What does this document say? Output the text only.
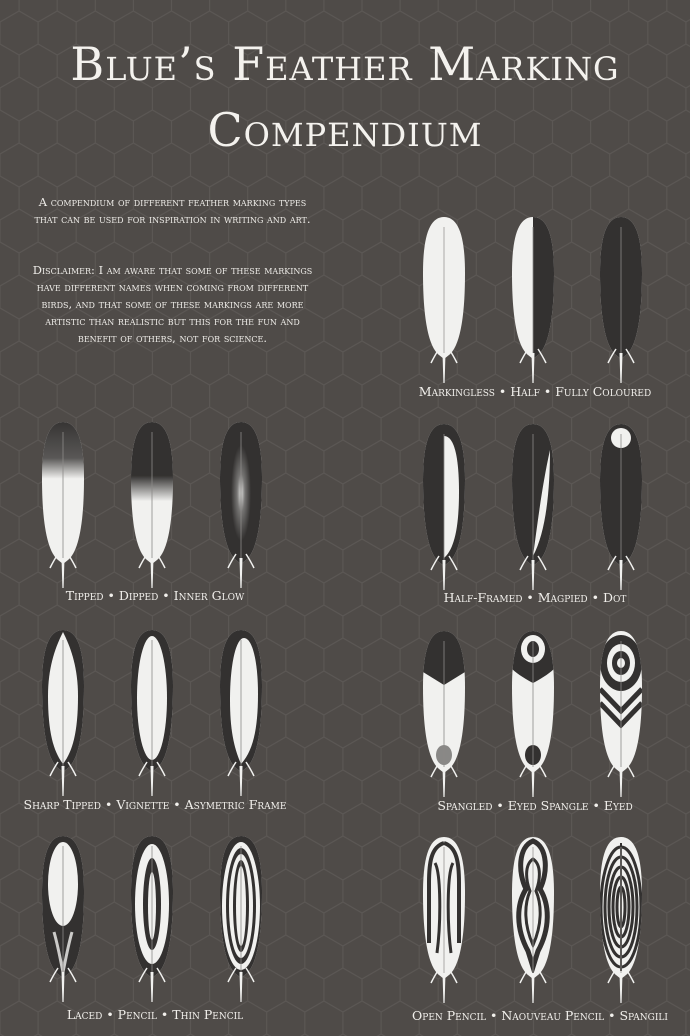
Blue’s Feather Marking
Compendium
A compendium of different feather marking types that can be used for inspiration in writing and art.
Disclaimer: I am aware that some of these markings have different names when coming from different birds, and that some of these markings are more artistic than realistic but this for the fun and benefit of others, not for science.
Markingless • Half • Fully Coloured
Tipped • Dipped • Inner Glow	Half-Framed • Magpied • Dot
Sharp Tipped • Vignette • Asymetric Frame	Spangled • Eyed Spangle • Eyed
Laced • Pencil • Thin Pencil	Open Pencil • Naouveau Pencil • Spangili
